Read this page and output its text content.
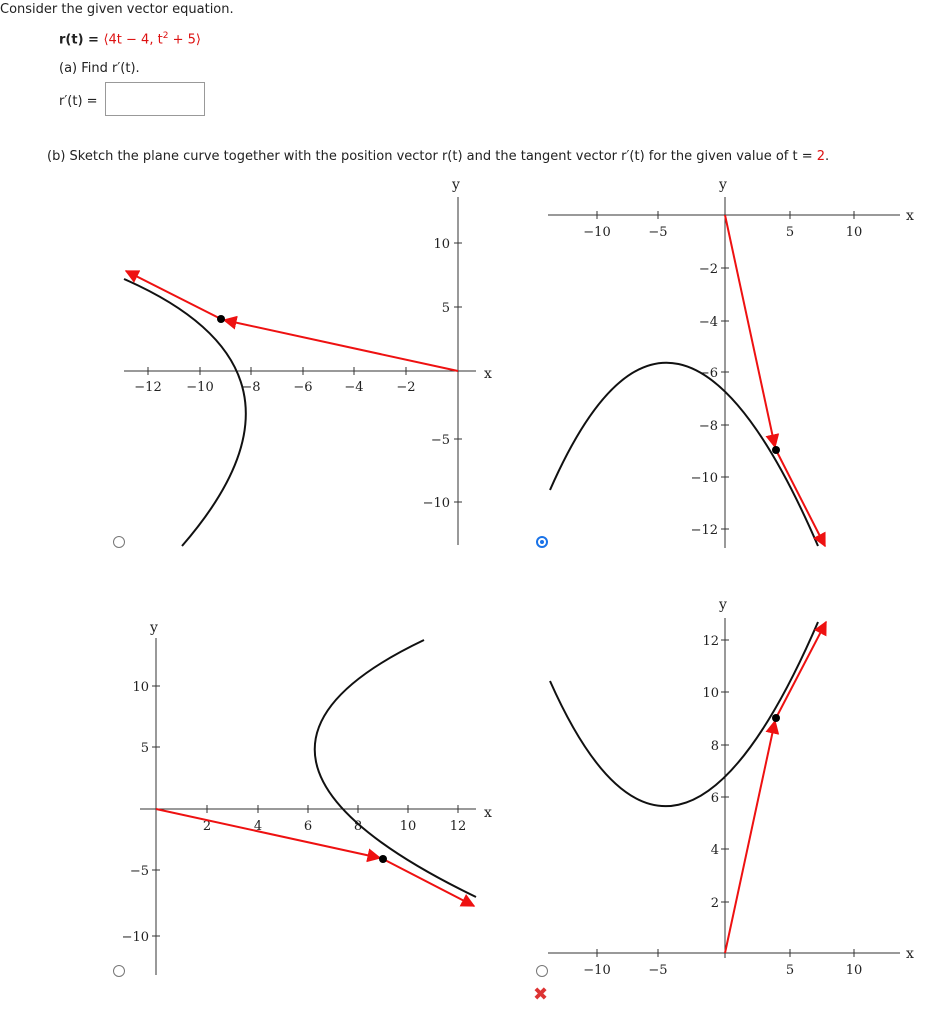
Consider the given vector equation.
r(t) = ⟨4t − 4, $t^2$ + 5⟩
(a) Find r′(t).
r′(t) =
(b) Sketch the plane curve together with the position vector r(t) and the tangent vector r′(t) for the given value of t = 2.
✖
x
y
−12 −10 −8	−6 −4	−2
10
5
−5
−10
x
y
−10	−5	5	10
−2
−4
−6
−8
−10
−12
x
y
2	4	6	8	10	12
10
5
−5
−10
x
y
−10	−5	5	10
12
10
8
6
4
2
